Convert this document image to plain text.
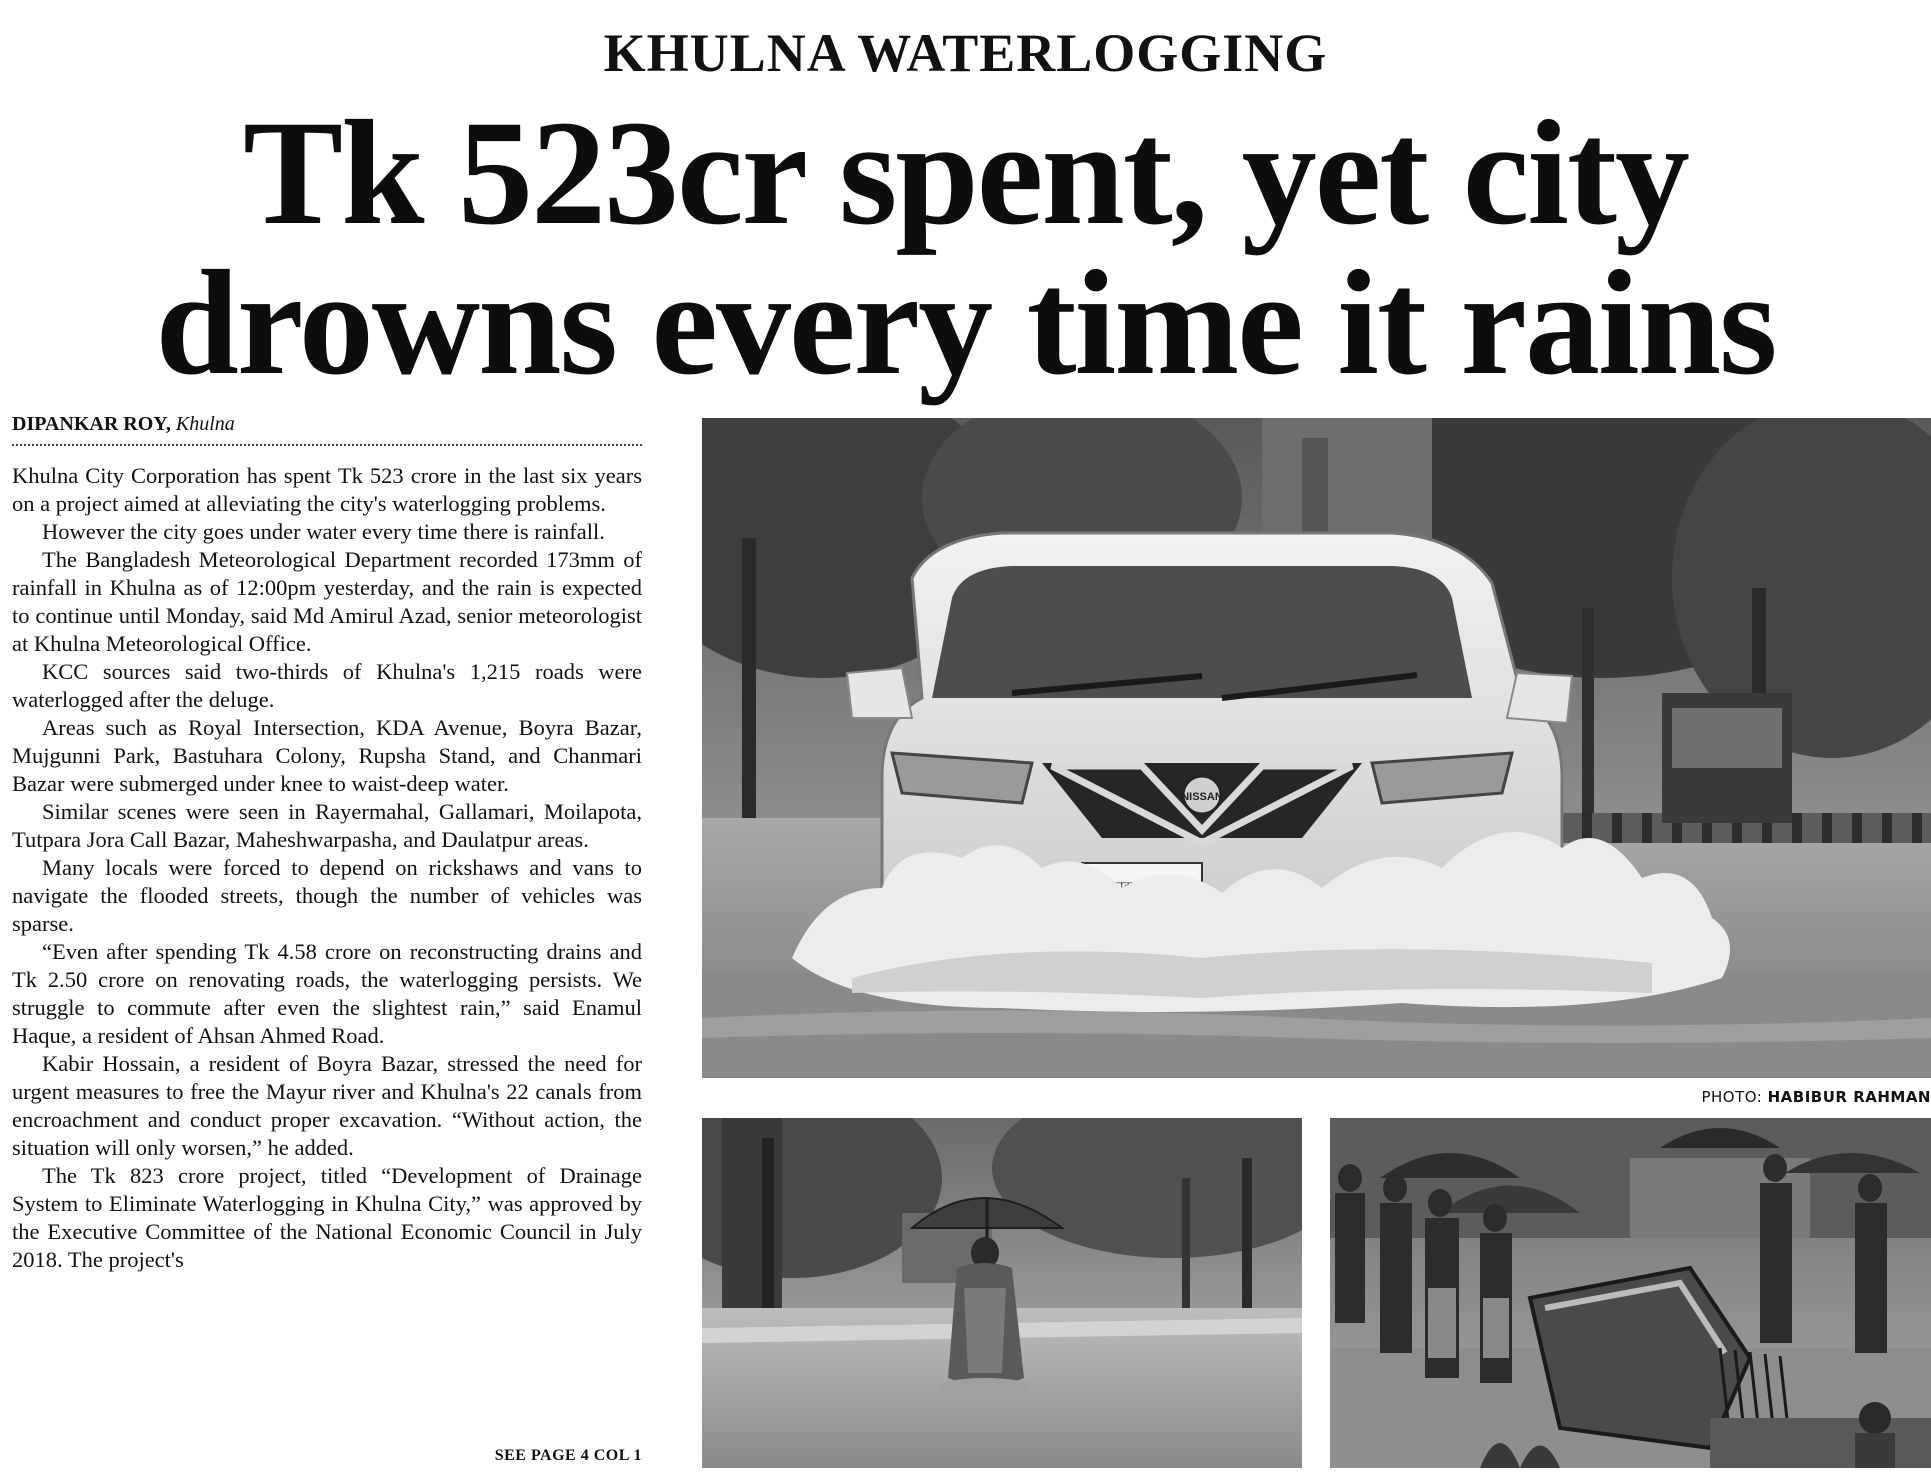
KHULNA WATERLOGGING
Tk 523cr spent, yet city
drowns every time it rains
DIPANKAR ROY, Khulna

Khulna City Corporation has spent Tk 523 crore in the last six years on a project aimed at alleviating the city's waterlogging problems.

However the city goes under water every time there is rainfall.

The Bangladesh Meteorological Department recorded 173mm of rainfall in Khulna as of 12:00pm yesterday, and the rain is expected to continue until Monday, said Md Amirul Azad, senior meteorologist at Khulna Meteorological Office.

KCC sources said two-thirds of Khulna's 1,215 roads were waterlogged after the deluge.

Areas such as Royal Intersection, KDA Avenue, Boyra Bazar, Mujgunni Park, Bastuhara Colony, Rupsha Stand, and Chanmari Bazar were submerged under knee to waist-deep water.

Similar scenes were seen in Rayermahal, Gallamari, Moilapota, Tutpara Jora Call Bazar, Maheshwarpasha, and Daulatpur areas.

Many locals were forced to depend on rickshaws and vans to navigate the flooded streets, though the number of vehicles was sparse.

“Even after spending Tk 4.58 crore on reconstructing drains and Tk 2.50 crore on renovating roads, the waterlogging persists. We struggle to commute after even the slightest rain,” said Enamul Haque, a resident of Ahsan Ahmed Road.

Kabir Hossain, a resident of Boyra Bazar, stressed the need for urgent measures to free the Mayur river and Khulna's 22 canals from encroachment and conduct proper excavation. “Without action, the situation will only worsen,” he added.

The Tk 823 crore project, titled “Development of Drainage System to Eliminate Waterlogging in Khulna City,” was approved by the Executive Committee of the National Economic Council in July 2018. The project's

SEE PAGE 4 COL 1
NISSAN
PHOTO: HABIBUR RAHMAN
